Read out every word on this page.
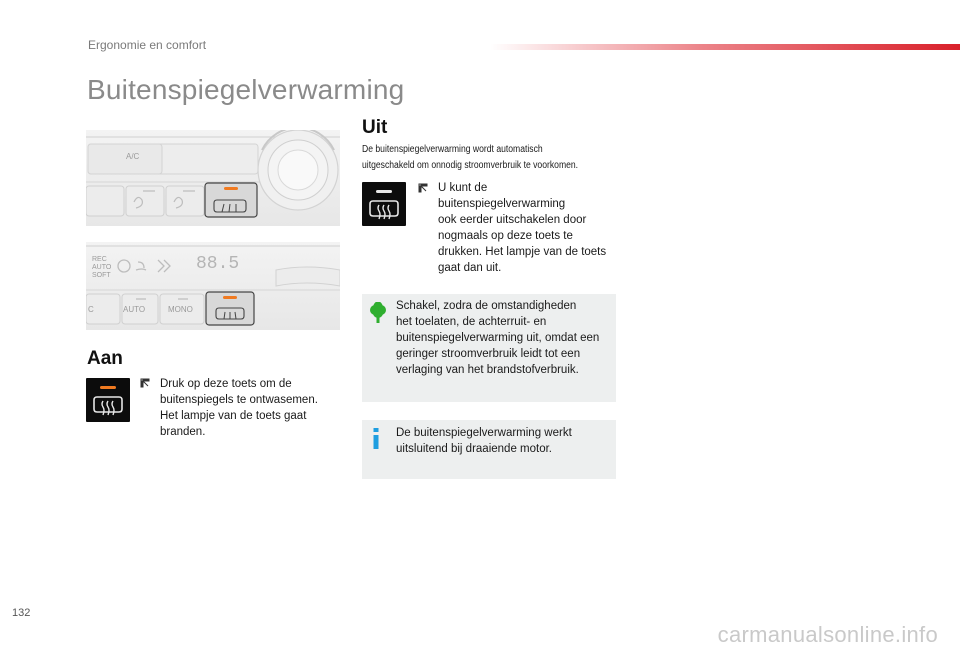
Ergonomie en comfort
Buitenspiegelverwarming
A/C
REC
AUTO
SOFT
88.5
C	AUTO	MONO
Aan
Druk op deze toets om de
buitenspiegels te ontwasemen.
Het lampje van de toets gaat
branden.
Uit
De buitenspiegelverwarming wordt automatisch
uitgeschakeld om onnodig stroomverbruik te voorkomen.
U kunt de
buitenspiegelverwarming
ook eerder uitschakelen door
nogmaals op deze toets te
drukken. Het lampje van de toets
gaat dan uit.
Schakel, zodra de omstandigheden
het toelaten, de achterruit- en
buitenspiegelverwarming uit, omdat een
geringer stroomverbruik leidt tot een
verlaging van het brandstofverbruik.
De buitenspiegelverwarming werkt
uitsluitend bij draaiende motor.
132
carmanualsonline.info
